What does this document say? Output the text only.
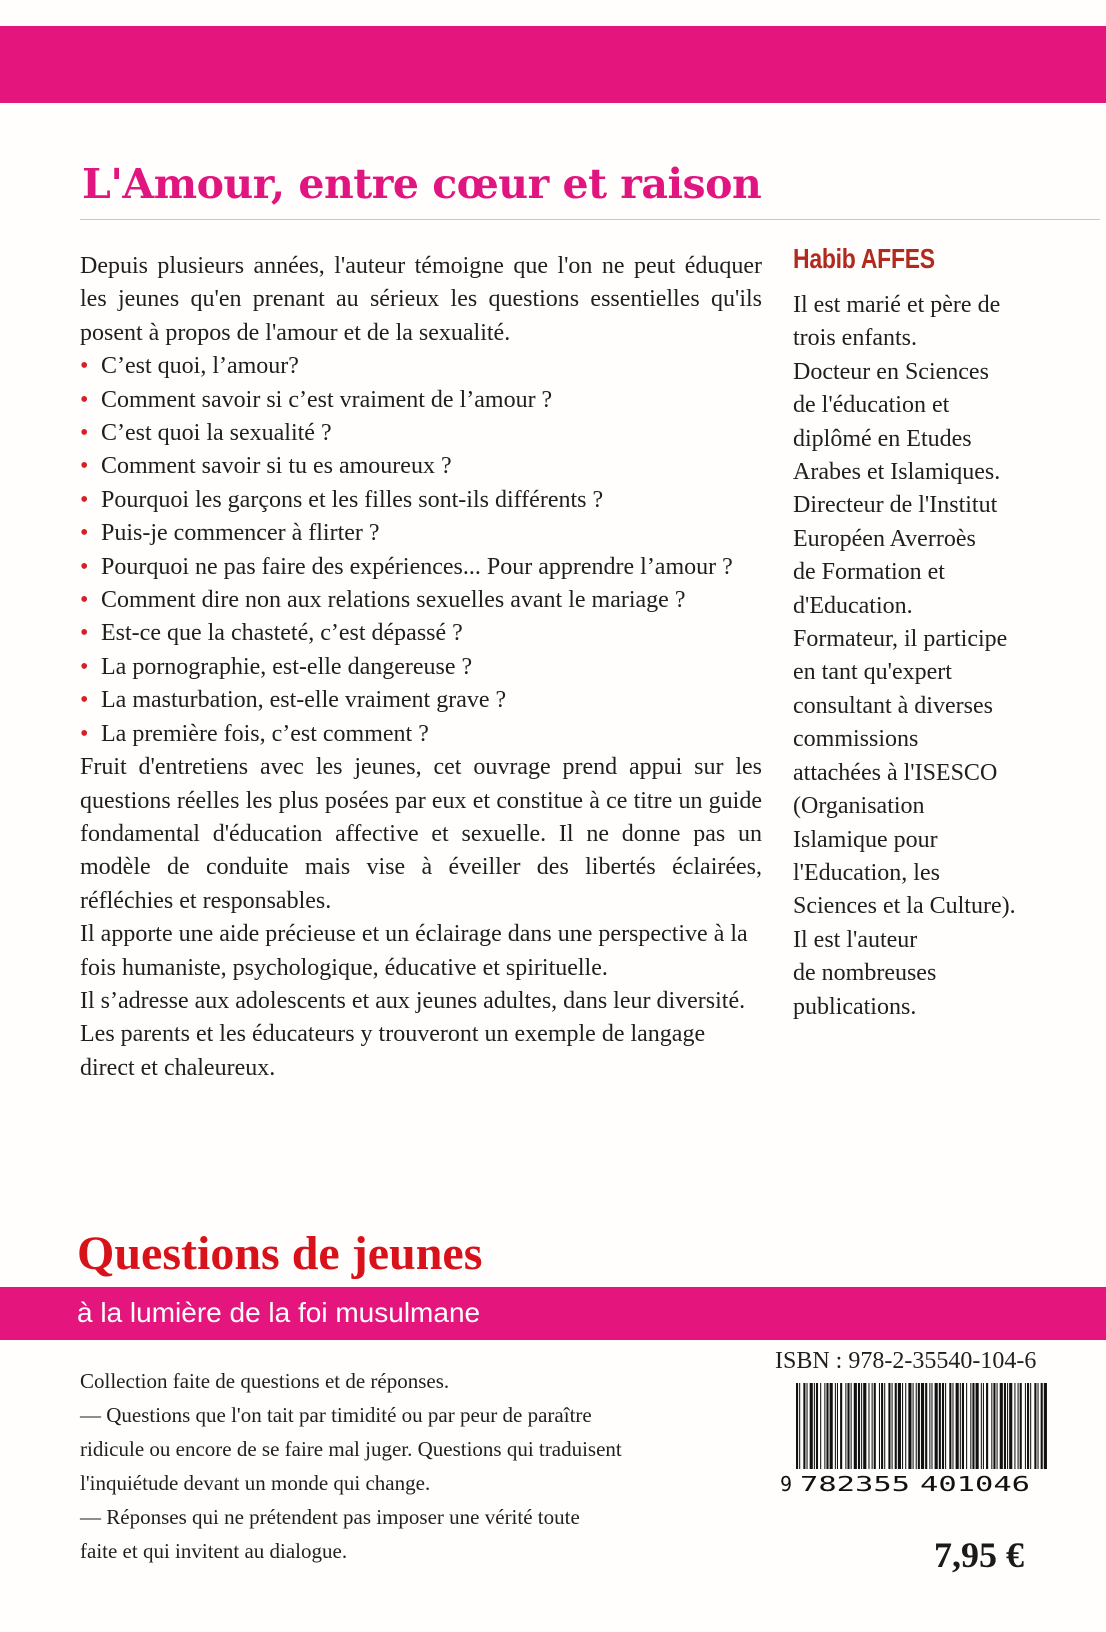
L'Amour, entre cœur et raison

Depuis plusieurs années, l'auteur témoigne que l'on ne peut éduquer les jeunes qu'en prenant au sérieux les questions essentielles qu'ils posent à propos de l'amour et de la sexualité.

• C’est quoi, l’amour?
• Comment savoir si c’est vraiment de l’amour ?
• C’est quoi la sexualité ?
• Comment savoir si tu es amoureux ?
• Pourquoi les garçons et les filles sont-ils différents ?
• Puis-je commencer à flirter ?
• Pourquoi ne pas faire des expériences... Pour apprendre l’amour ?
• Comment dire non aux relations sexuelles avant le mariage ?
• Est-ce que la chasteté, c’est dépassé ?
• La pornographie, est-elle dangereuse ?
• La masturbation, est-elle vraiment grave ?
• La première fois, c’est comment ?

Fruit d'entretiens avec les jeunes, cet ouvrage prend appui sur les questions réelles les plus posées par eux et constitue à ce titre un guide fondamental d'éducation affective et sexuelle. Il ne donne pas un modèle de conduite mais vise à éveiller des libertés éclairées, réfléchies et responsables.

Il apporte une aide précieuse et un éclairage dans une perspective à la fois humaniste, psychologique, éducative et spirituelle.

Il s’adresse aux adolescents et aux jeunes adultes, dans leur diversité. Les parents et les éducateurs y trouveront un exemple de langage direct et chaleureux.

Habib AFFES
Il est marié et père de
trois enfants.
Docteur en Sciences
de l'éducation et
diplômé en Etudes
Arabes et Islamiques.
Directeur de l'Institut
Européen Averroès
de Formation et
d'Education.
Formateur, il participe
en tant qu'expert
consultant à diverses
commissions
attachées à l'ISESCO
(Organisation
Islamique pour
l'Education, les
Sciences et la Culture).
Il est l'auteur
de nombreuses
publications.
Questions de jeunes
à la lumière de la foi musulmane
Collection faite de questions et de réponses.
— Questions que l'on tait par timidité ou par peur de paraître
ridicule ou encore de se faire mal juger. Questions qui traduisent
l'inquiétude devant un monde qui change.
— Réponses qui ne prétendent pas imposer une vérité toute
faite et qui invitent au dialogue.
ISBN : 978-2-35540-104-6
9 782355 401046
7,95 €
